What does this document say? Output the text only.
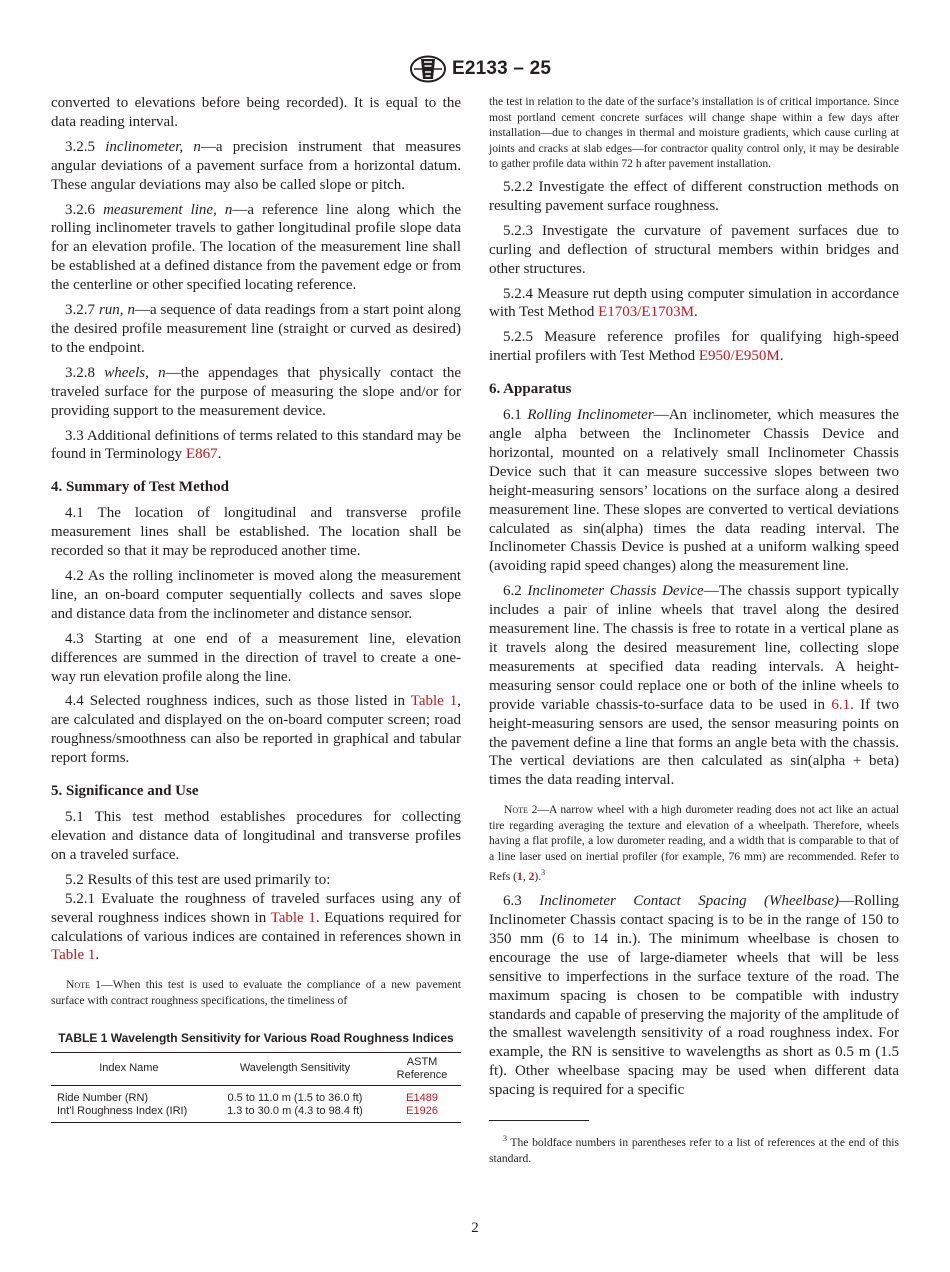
E2133 – 25

converted to elevations before being recorded). It is equal to the data reading interval.

3.2.5 inclinometer, n—a precision instrument that measures angular deviations of a pavement surface from a horizontal datum. These angular deviations may also be called slope or pitch.

3.2.6 measurement line, n—a reference line along which the rolling inclinometer travels to gather longitudinal profile slope data for an elevation profile. The location of the measurement line shall be established at a defined distance from the pavement edge or from the centerline or other specified locating reference.

3.2.7 run, n—a sequence of data readings from a start point along the desired profile measurement line (straight or curved as desired) to the endpoint.

3.2.8 wheels, n—the appendages that physically contact the traveled surface for the purpose of measuring the slope and/or for providing support to the measurement device.

3.3 Additional definitions of terms related to this standard may be found in Terminology E867.

4. Summary of Test Method

4.1 The location of longitudinal and transverse profile measurement lines shall be established. The location shall be recorded so that it may be reproduced another time.

4.2 As the rolling inclinometer is moved along the measurement line, an on-board computer sequentially collects and saves slope and distance data from the inclinometer and distance sensor.

4.3 Starting at one end of a measurement line, elevation differences are summed in the direction of travel to create a one-way run elevation profile along the line.

4.4 Selected roughness indices, such as those listed in Table 1, are calculated and displayed on the on-board computer screen; road roughness/smoothness can also be reported in graphical and tabular report forms.

5. Significance and Use

5.1 This test method establishes procedures for collecting elevation and distance data of longitudinal and transverse profiles on a traveled surface.

5.2 Results of this test are used primarily to:

5.2.1 Evaluate the roughness of traveled surfaces using any of several roughness indices shown in Table 1. Equations required for calculations of various indices are contained in references shown in Table 1.

Note 1—When this test is used to evaluate the compliance of a new pavement surface with contract roughness specifications, the timeliness of

TABLE 1 Wavelength Sensitivity for Various Road Roughness Indices
Index Name	Wavelength Sensitivity	ASTM Reference
Ride Number (RN)	0.5 to 11.0 m (1.5 to 36.0 ft)	E1489
Int’l Roughness Index (IRI)	1.3 to 30.0 m (4.3 to 98.4 ft)	E1926

the test in relation to the date of the surface’s installation is of critical importance. Since most portland cement concrete surfaces will change shape within a few days after installation—due to changes in thermal and moisture gradients, which cause curling at joints and cracks at slab edges—for contractor quality control only, it may be desirable to gather profile data within 72 h after pavement installation.

5.2.2 Investigate the effect of different construction methods on resulting pavement surface roughness.

5.2.3 Investigate the curvature of pavement surfaces due to curling and deflection of structural members within bridges and other structures.

5.2.4 Measure rut depth using computer simulation in accordance with Test Method E1703/E1703M.

5.2.5 Measure reference profiles for qualifying high-speed inertial profilers with Test Method E950/E950M.

6. Apparatus

6.1 Rolling Inclinometer—An inclinometer, which measures the angle alpha between the Inclinometer Chassis Device and horizontal, mounted on a relatively small Inclinometer Chassis Device such that it can measure successive slopes between two height-measuring sensors’ locations on the surface along a desired measurement line. These slopes are converted to vertical deviations calculated as sin(alpha) times the data reading interval. The Inclinometer Chassis Device is pushed at a uniform walking speed (avoiding rapid speed changes) along the measurement line.

6.2 Inclinometer Chassis Device—The chassis support typically includes a pair of inline wheels that travel along the desired measurement line. The chassis is free to rotate in a vertical plane as it travels along the desired measurement line, collecting slope measurements at specified data reading intervals. A height-measuring sensor could replace one or both of the inline wheels to provide variable chassis-to-surface data to be used in 6.1. If two height-measuring sensors are used, the sensor measuring points on the pavement define a line that forms an angle beta with the chassis. The vertical deviations are then calculated as sin(alpha + beta) times the data reading interval.

Note 2—A narrow wheel with a high durometer reading does not act like an actual tire regarding averaging the texture and elevation of a wheelpath. Therefore, wheels having a flat profile, a low durometer reading, and a width that is comparable to that of a line laser used on inertial profiler (for example, 76 mm) are recommended. Refer to Refs (1, 2).$^3$

6.3 Inclinometer Contact Spacing (Wheelbase)—Rolling Inclinometer Chassis contact spacing is to be in the range of 150 to 350 mm (6 to 14 in.). The minimum wheelbase is chosen to encourage the use of large-diameter wheels that will be less sensitive to imperfections in the surface texture of the road. The maximum spacing is chosen to be compatible with industry standards and capable of preserving the majority of the amplitude of the smallest wavelength sensitivity of a road roughness index. For example, the RN is sensitive to wavelengths as short as 0.5 m (1.5 ft). Other wheelbase spacing may be used when different data spacing is required for a specific

$^3$ The boldface numbers in parentheses refer to a list of references at the end of this standard.

2
